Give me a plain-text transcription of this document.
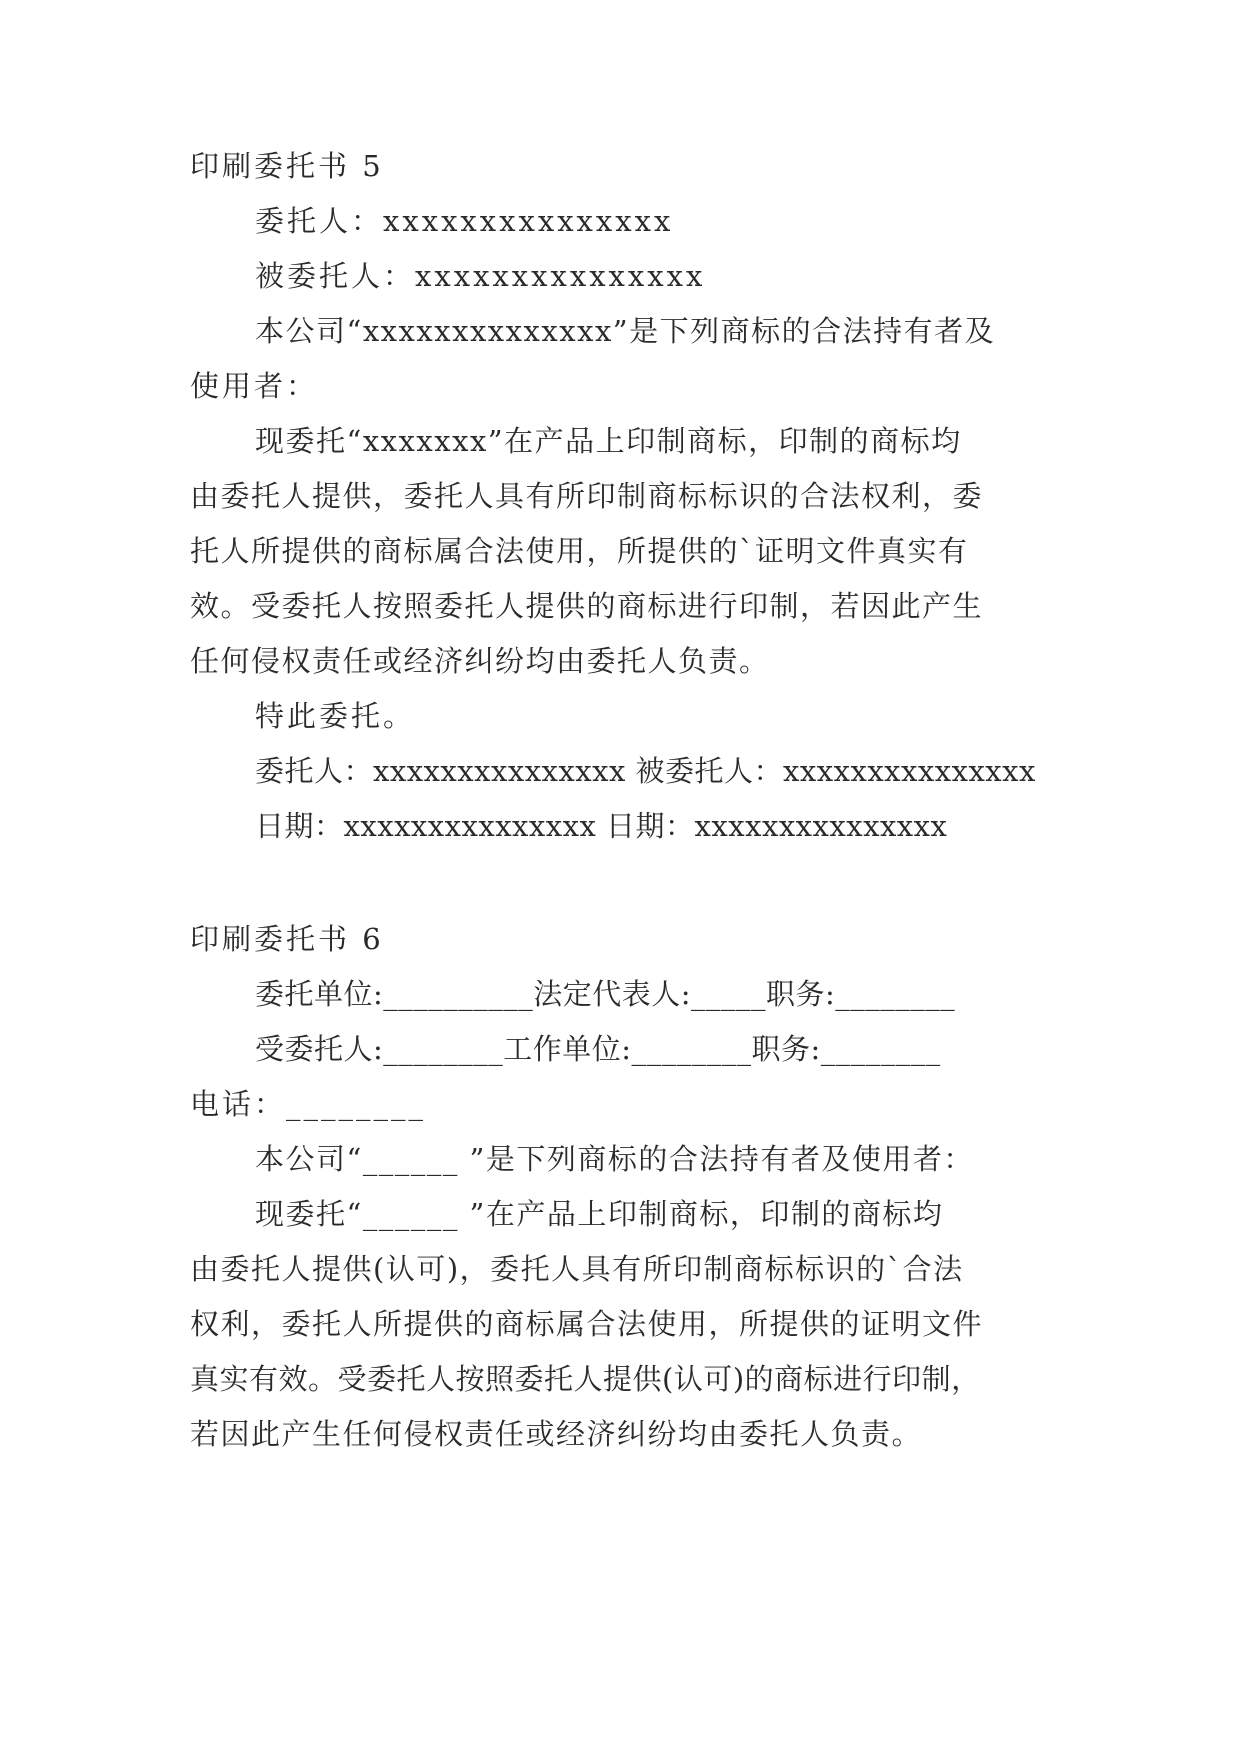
印刷委托书 5
委托人：xxxxxxxxxxxxxxx
被委托人：xxxxxxxxxxxxxxx
本公司“xxxxxxxxxxxxxx”是下列商标的合法持有者及
使用者：
现委托“xxxxxxx”在产品上印制商标，印制的商标均
由委托人提供，委托人具有所印制商标标识的合法权利，委
托人所提供的商标属合法使用，所提供的`证明文件真实有
效。受委托人按照委托人提供的商标进行印制，若因此产生
任何侵权责任或经济纠纷均由委托人负责。
特此委托。
委托人：xxxxxxxxxxxxxxx 被委托人：xxxxxxxxxxxxxxx
日期：xxxxxxxxxxxxxxx 日期：xxxxxxxxxxxxxxx
印刷委托书 6
委托单位:__________法定代表人:_____职务:________
受委托人:________工作单位:________职务:________
电话：________
本公司“______ ”是下列商标的合法持有者及使用者：
现委托“______ ”在产品上印制商标，印制的商标均
由委托人提供(认可)，委托人具有所印制商标标识的`合法
权利，委托人所提供的商标属合法使用，所提供的证明文件
真实有效。受委托人按照委托人提供(认可)的商标进行印制，
若因此产生任何侵权责任或经济纠纷均由委托人负责。
